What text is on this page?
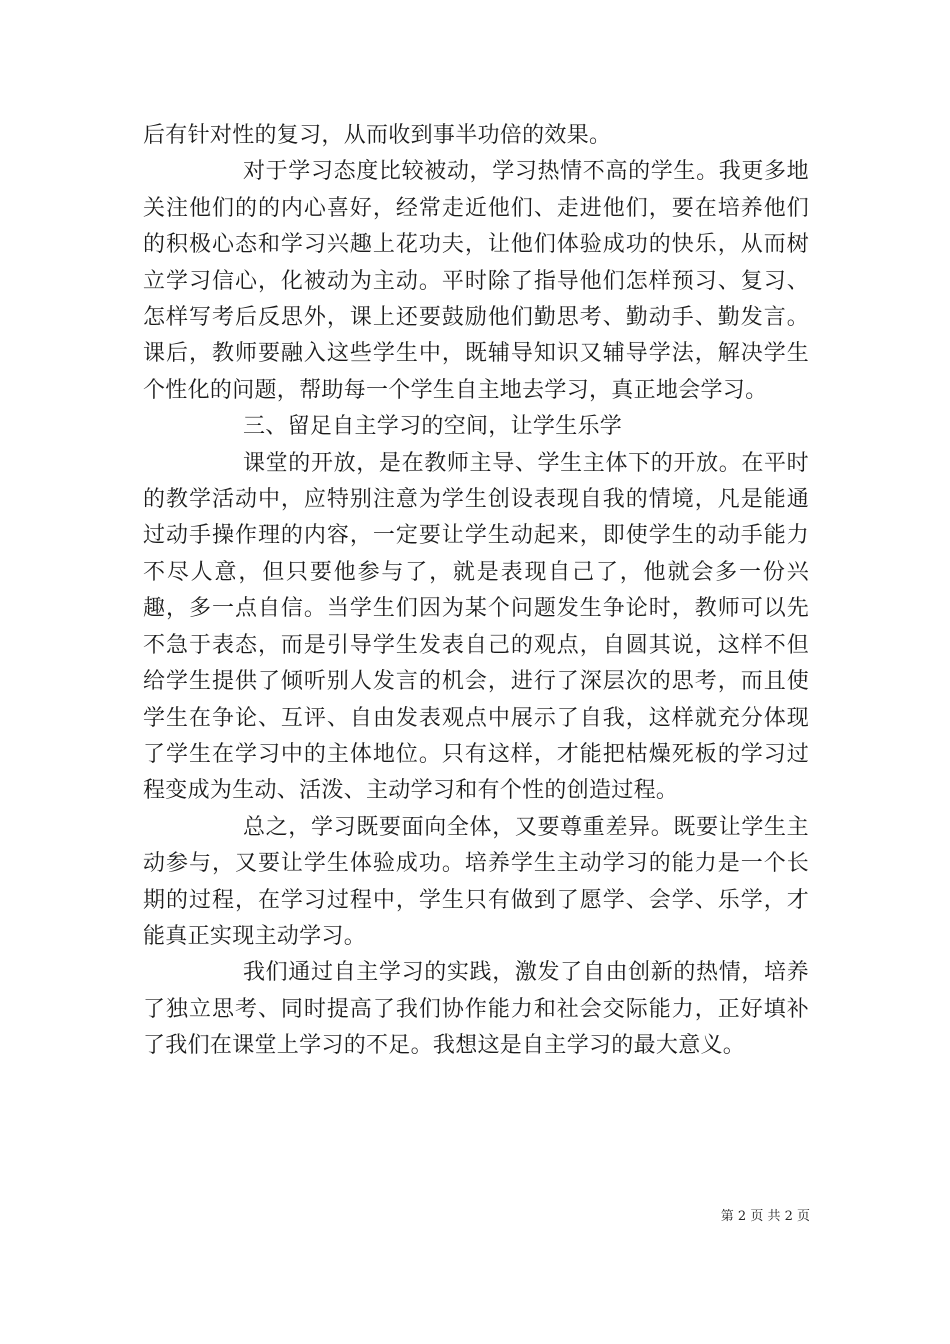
后有针对性的复习，从而收到事半功倍的效果。

对于学习态度比较被动，学习热情不高的学生。我更多地关注他们的的内心喜好，经常走近他们、走进他们，要在培养他们的积极心态和学习兴趣上花功夫，让他们体验成功的快乐，从而树立学习信心，化被动为主动。平时除了指导他们怎样预习、复习、怎样写考后反思外，课上还要鼓励他们勤思考、勤动手、勤发言。课后，教师要融入这些学生中，既辅导知识又辅导学法，解决学生个性化的问题，帮助每一个学生自主地去学习，真正地会学习。

三、留足自主学习的空间，让学生乐学

课堂的开放，是在教师主导、学生主体下的开放。在平时的教学活动中，应特别注意为学生创设表现自我的情境，凡是能通过动手操作理的内容，一定要让学生动起来，即使学生的动手能力不尽人意，但只要他参与了，就是表现自己了，他就会多一份兴趣，多一点自信。当学生们因为某个问题发生争论时，教师可以先不急于表态，而是引导学生发表自己的观点，自圆其说，这样不但给学生提供了倾听别人发言的机会，进行了深层次的思考，而且使学生在争论、互评、自由发表观点中展示了自我，这样就充分体现了学生在学习中的主体地位。只有这样，才能把枯燥死板的学习过程变成为生动、活泼、主动学习和有个性的创造过程。

总之，学习既要面向全体，又要尊重差异。既要让学生主动参与，又要让学生体验成功。培养学生主动学习的能力是一个长期的过程，在学习过程中，学生只有做到了愿学、会学、乐学，才能真正实现主动学习。

我们通过自主学习的实践，激发了自由创新的热情，培养了独立思考、同时提高了我们协作能力和社会交际能力，正好填补了我们在课堂上学习的不足。我想这是自主学习的最大意义。

第 2 页 共 2 页
